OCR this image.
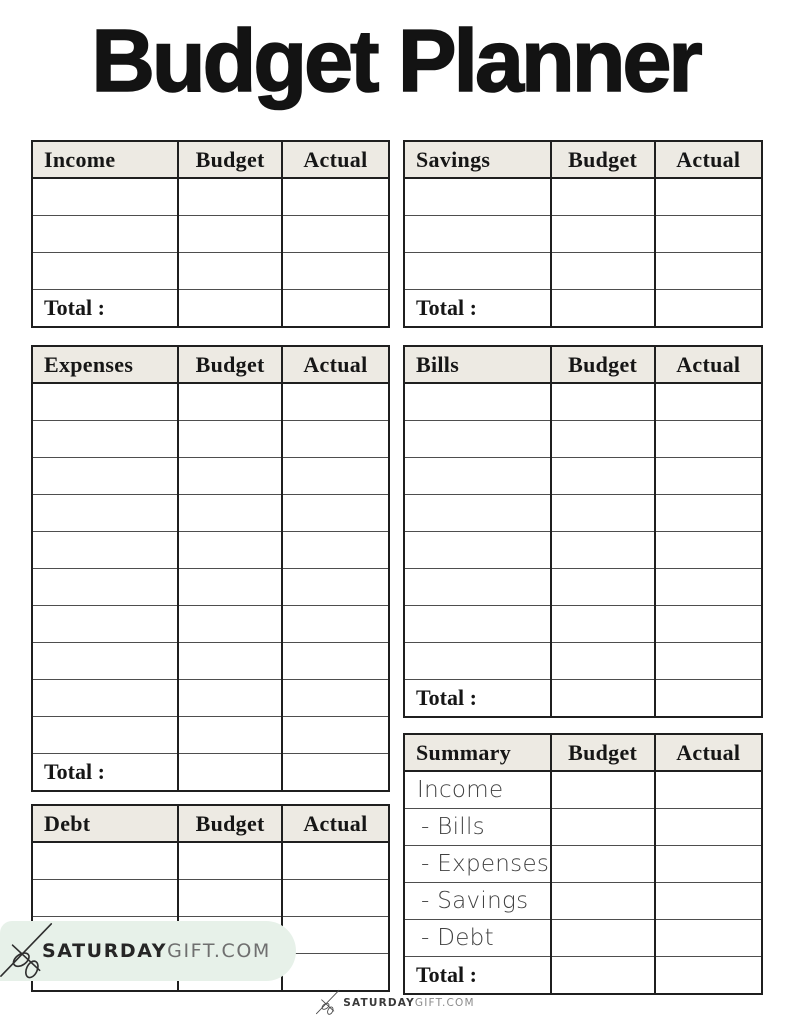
Budget Planner
Income	Budget	Actual

Total :		
Savings	Budget	Actual

Total :		
Expenses	Budget	Actual

Total :		
Bills	Budget	Actual

Total :		
Debt	Budget	Actual

Summary	Budget	Actual
Income		
- Bills		
- Expenses		
- Savings		
- Debt		
Total :		
SATURDAYGIFT.COM
SATURDAYGIFT.COM
